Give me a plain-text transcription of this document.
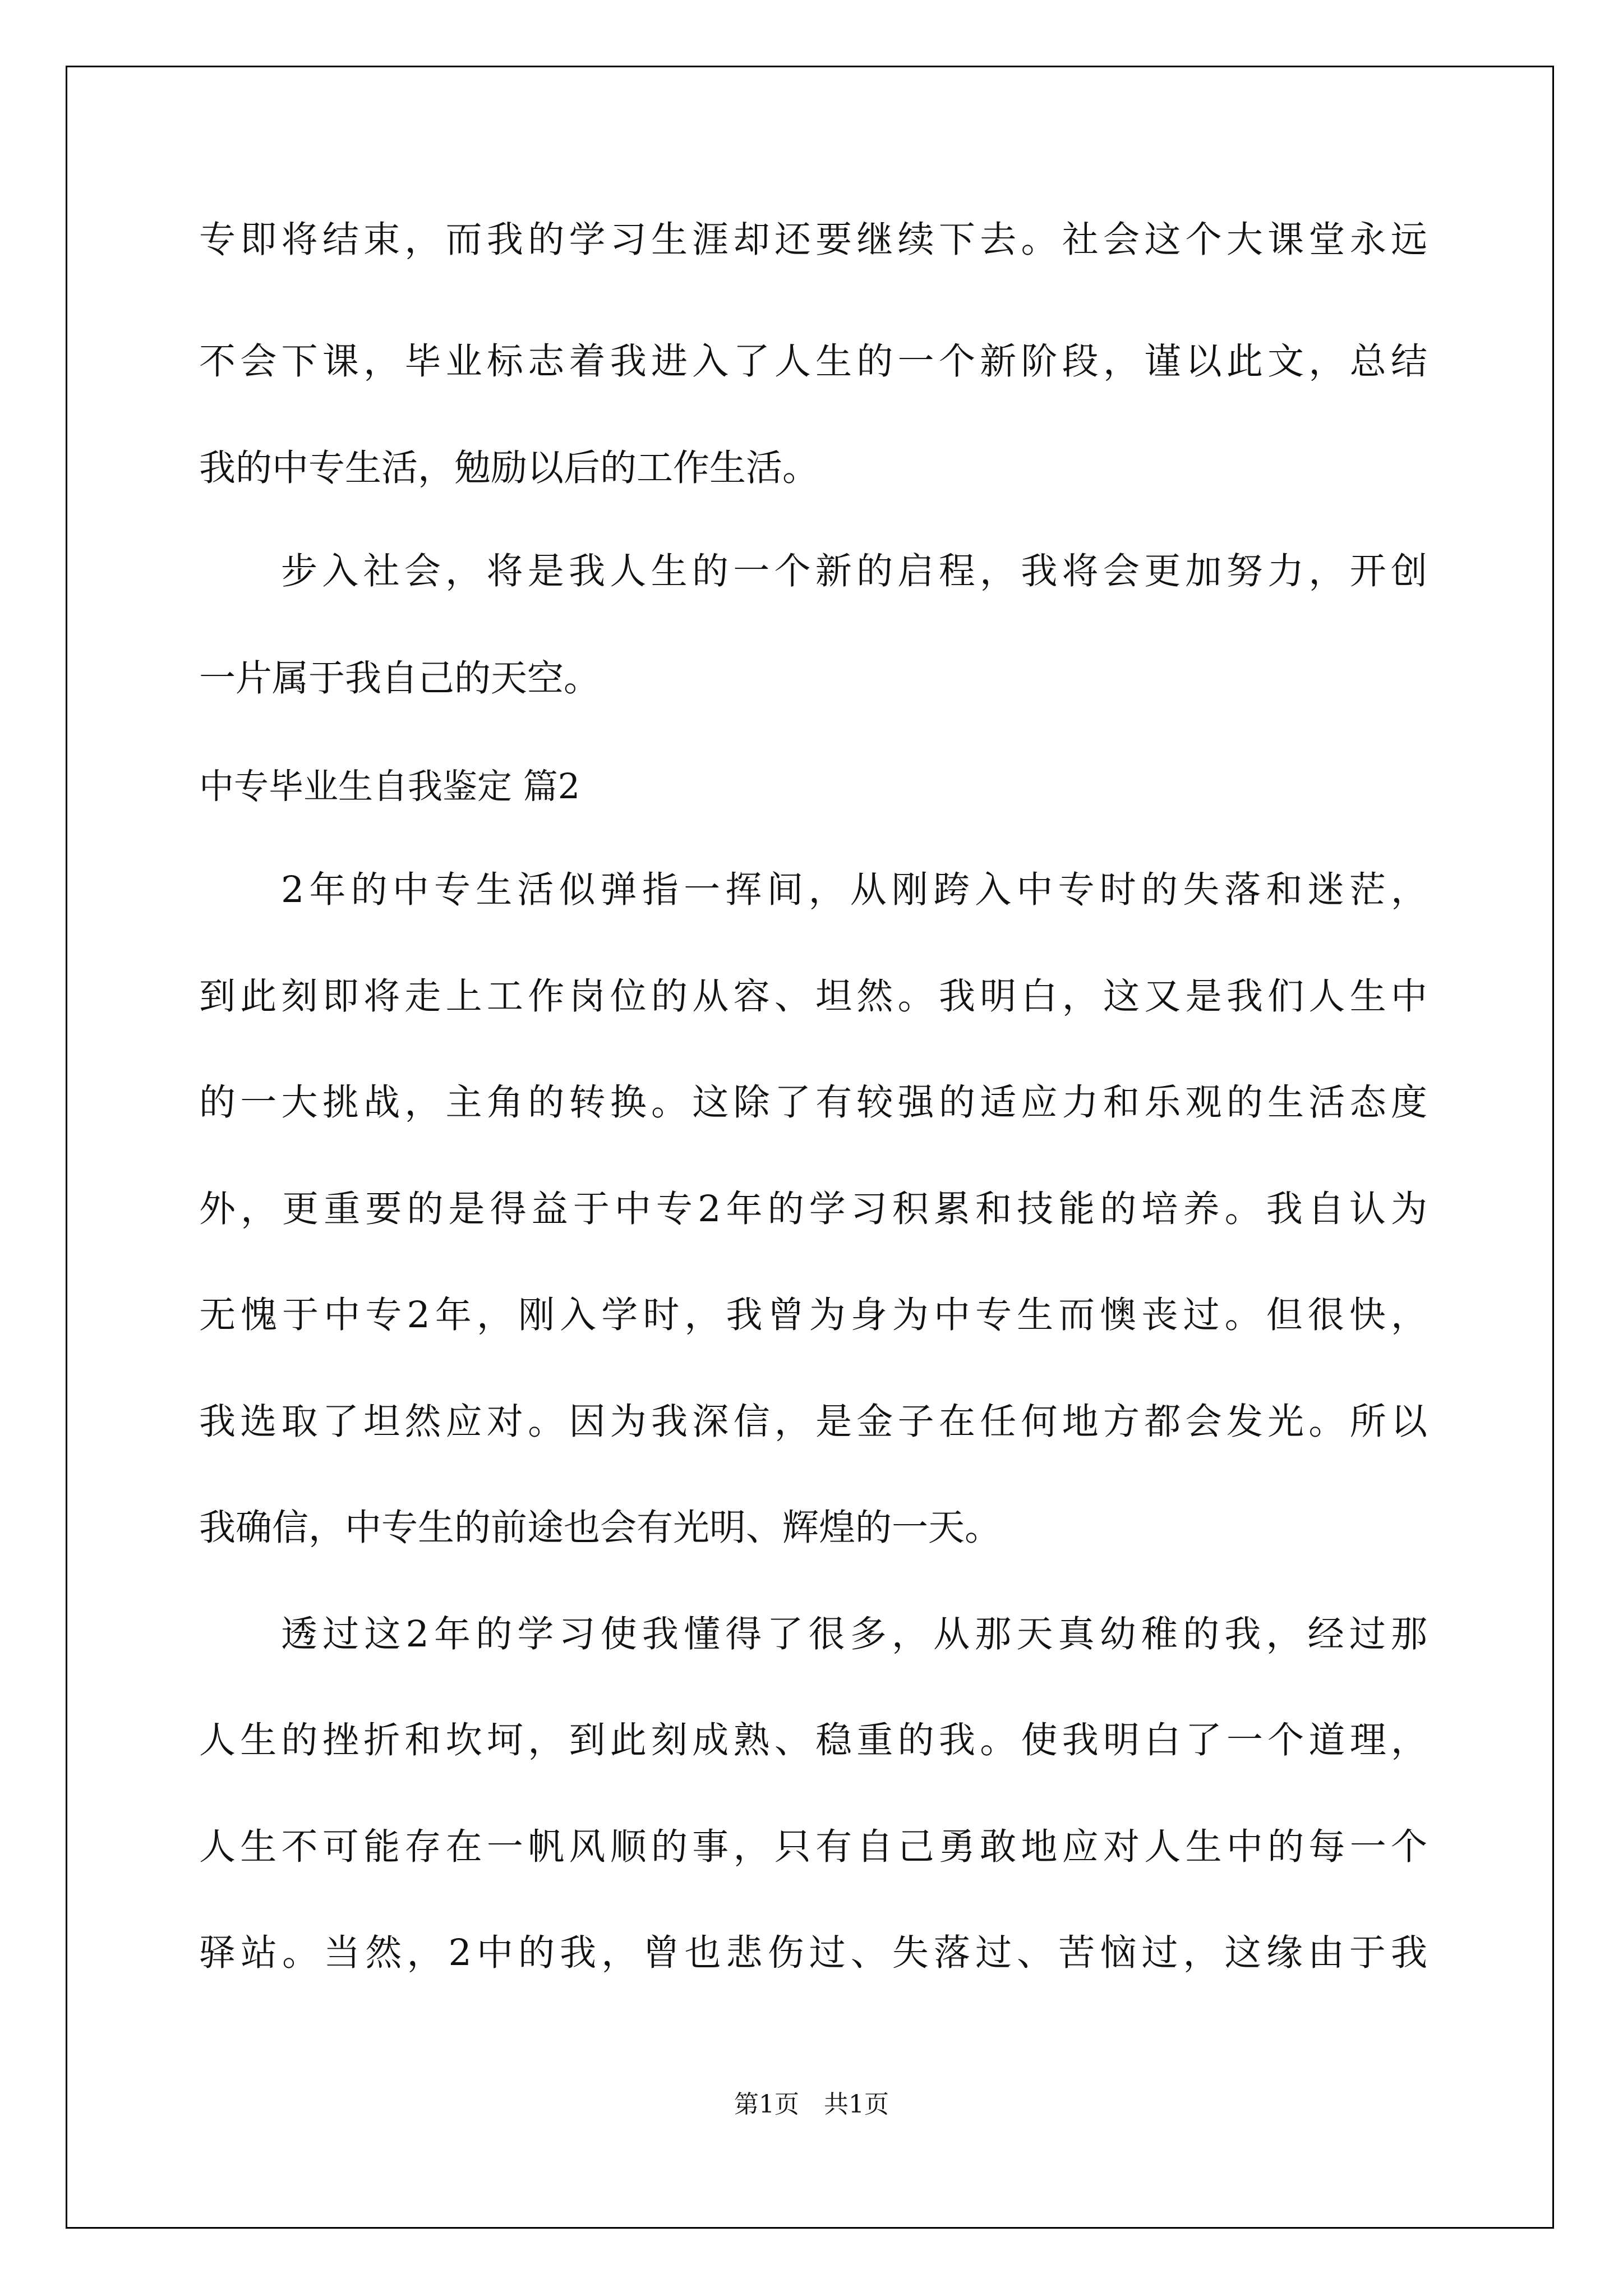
专即将结束，而我的学习生涯却还要继续下去。社会这个大课堂永远
不会下课，毕业标志着我进入了人生的一个新阶段，谨以此文，总结
我的中专生活，勉励以后的工作生活。
步入社会，将是我人生的一个新的启程，我将会更加努力，开创
一片属于我自己的天空。
中专毕业生自我鉴定 篇2
2年的中专生活似弹指一挥间，从刚跨入中专时的失落和迷茫，
到此刻即将走上工作岗位的从容、坦然。我明白，这又是我们人生中
的一大挑战，主角的转换。这除了有较强的适应力和乐观的生活态度
外，更重要的是得益于中专2年的学习积累和技能的培养。我自认为
无愧于中专2年，刚入学时，我曾为身为中专生而懊丧过。但很快，
我选取了坦然应对。因为我深信，是金子在任何地方都会发光。所以
我确信，中专生的前途也会有光明、辉煌的一天。
透过这2年的学习使我懂得了很多，从那天真幼稚的我，经过那
人生的挫折和坎坷，到此刻成熟、稳重的我。使我明白了一个道理，
人生不可能存在一帆风顺的事，只有自己勇敢地应对人生中的每一个
驿站。当然，2中的我，曾也悲伤过、失落过、苦恼过，这缘由于我
第1页　共1页
